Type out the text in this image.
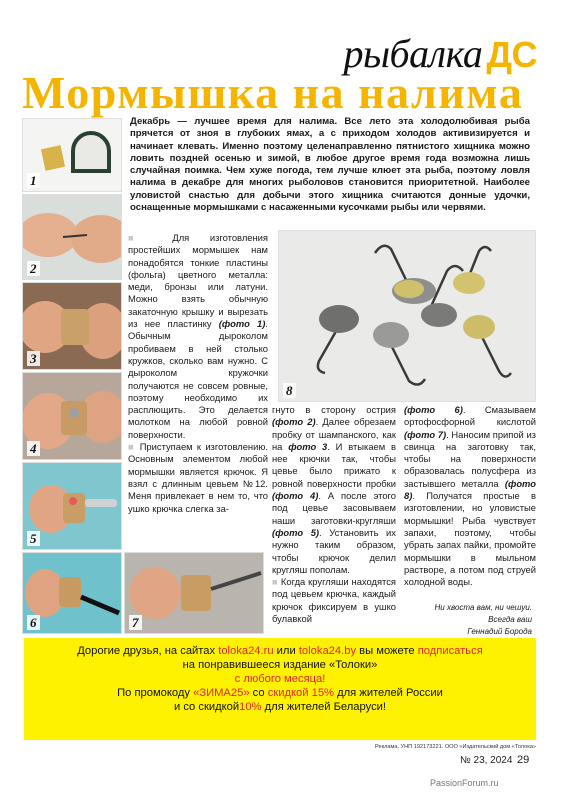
рыбалка ДС
Мормышка на налима
Декабрь — лучшее время для налима. Все лето эта холодолюбивая рыба прячется от зноя в глубоких ямах, а с приходом холодов активизируется и начинает клевать. Именно поэтому целенаправленно пятнистого хищника можно ловить поздней осенью и зимой, в любое другое время года возможна лишь случайная поимка. Чем хуже погода, тем лучше клюет эта рыба, поэтому ловля налима в декабре для многих рыболовов становится приоритетной. Наиболее уловистой снастью для добычи этого хищника считаются донные удочки, оснащенные мормышками с насаженными кусочками рыбы или червями.
1
2
3
4
5
6	7
8

■ Для изготовления простейших мормышек нам понадобятся тонкие пластины (фольга) цветного металла: меди, бронзы или латуни. Можно взять обычную закаточную крышку и вырезать из нее пластинку (фото 1). Обычным дыроколом пробиваем в ней столько кружков, сколько вам нужно. С дыроколом кружочки получаются не совсем ровные, поэтому необходимо их расплющить. Это делается молотком на любой ровной поверхности.

■ Приступаем к изготовлению. Основным элементом любой мормышки является крючок. Я взял с длинным цевьем №12. Меня привлекает в нем то, что ушко крючка слегка за-

гнуто в сторону острия (фото 2). Далее обрезаем пробку от шампанского, как на фото 3. И втыкаем в нее крючки так, чтобы цевье было прижато к ровной поверхности пробки (фото 4). А после этого под цевье засовываем наши заготовки-кругляши (фото 5). Установить их нужно таким образом, чтобы крючок делил кругляш пополам.

■ Когда кругляши находятся под цевьем крючка, каждый крючок фиксируем в ушко булавкой

(фото 6). Смазываем ортофосфорной кислотой (фото 7). Наносим припой из свинца на заготовку так, чтобы на поверхности образовалась полусфера из застывшего металла (фото 8). Получатся простые в изготовлении, но уловистые мормышки! Рыба чувствует запахи, поэтому, чтобы убрать запах пайки, промойте мормышки в мыльном растворе, а потом под струей холодной воды.

Ни хвоста вам, ни чешуи.
Всегда ваш
Геннадий Борода
Дорогие друзья, на сайтах toloka24.ru или toloka24.by вы можете подписаться
на понравившееся издание «Толоки»
с любого месяца!
По промокоду «ЗИМА25» со скидкой 15% для жителей России
и со скидкой10% для жителей Беларуси!
Реклама. УНП 192173221. ООО «Издательский дом «Толока»
№ 23, 2024 29
PassionForum.ru
